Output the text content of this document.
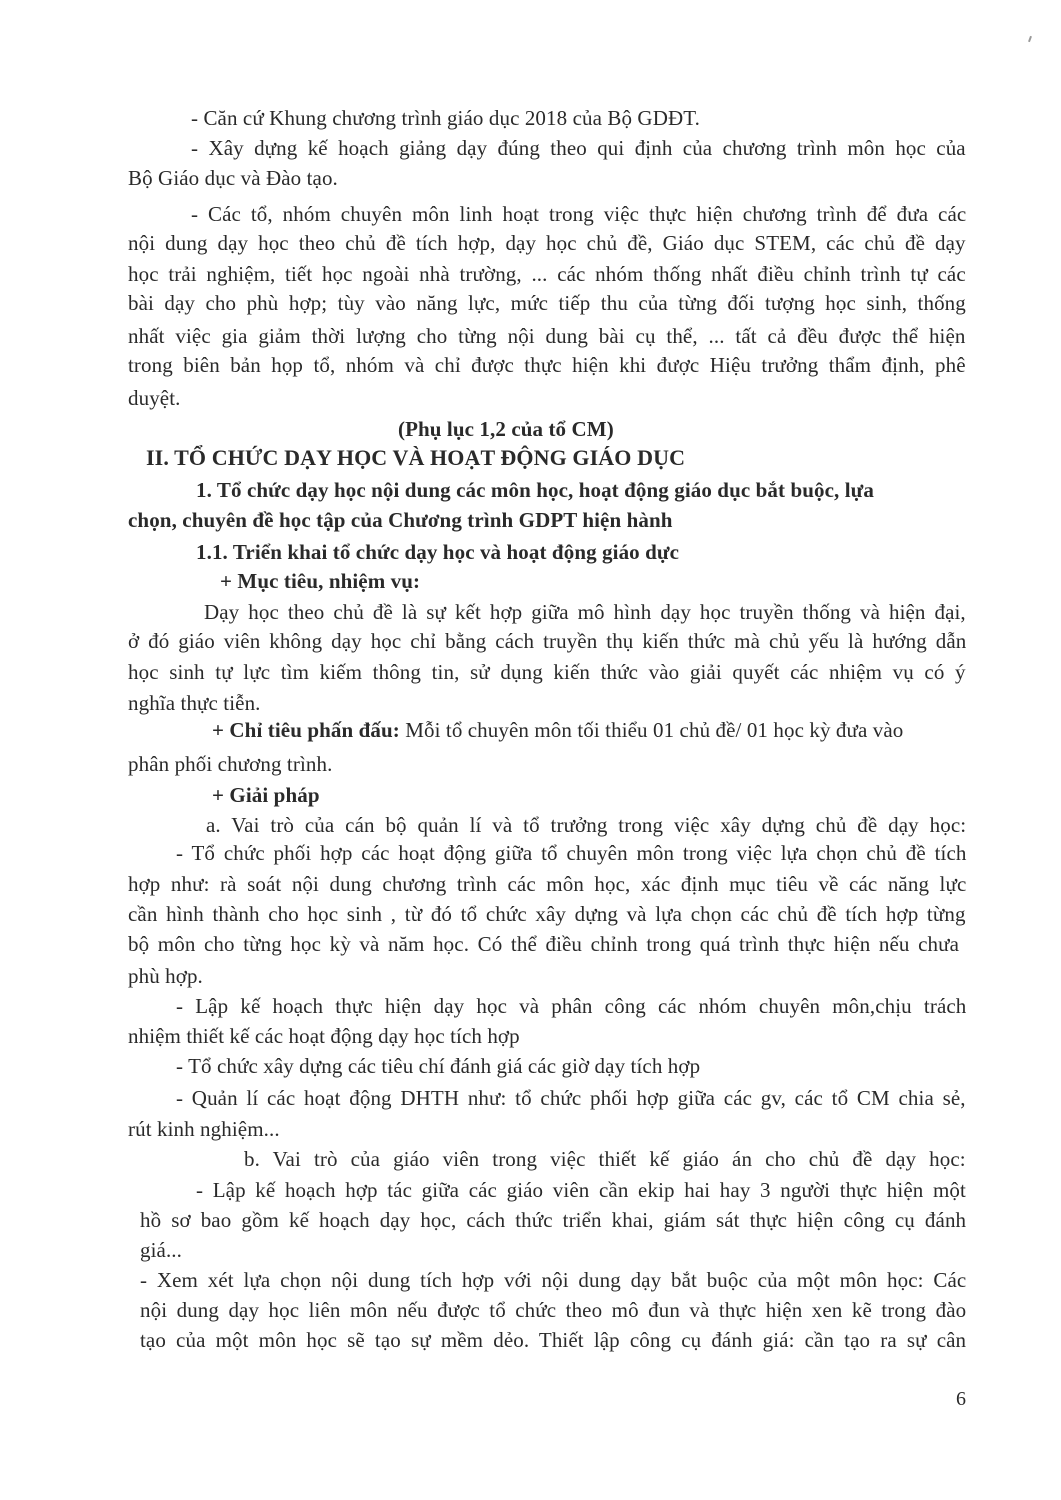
- Căn cứ Khung chương trình giáo dục 2018 của Bộ GDĐT.

- Xây dựng kế hoạch giảng dạy đúng theo qui định của chương trình môn học của

Bộ Giáo dục và Đào tạo.

- Các tổ, nhóm chuyên môn linh hoạt trong việc thực hiện chương trình để đưa các

nội dung dạy học theo chủ đề tích hợp, dạy học chủ đề, Giáo dục STEM, các chủ đề dạy

học trải nghiệm, tiết học ngoài nhà trường, ... các nhóm thống nhất điều chỉnh trình tự các

bài dạy cho phù hợp; tùy vào năng lực, mức tiếp thu của từng đối tượng học sinh, thống

nhất việc gia giảm thời lượng cho từng nội dung bài cụ thể, ... tất cả đều được thể hiện

trong biên bản họp tổ, nhóm và chỉ được thực hiện khi được Hiệu trưởng thẩm định, phê

duyệt.

(Phụ lục 1,2 của tổ CM)

II. TỔ CHỨC DẠY HỌC VÀ HOẠT ĐỘNG GIÁO DỤC

1. Tổ chức dạy học nội dung các môn học, hoạt động giáo dục bắt buộc, lựa

chọn, chuyên đề học tập của Chương trình GDPT hiện hành

1.1. Triển khai tổ chức dạy học và hoạt động giáo dực

+ Mục tiêu, nhiệm vụ:

Dạy học theo chủ đề là sự kết hợp giữa mô hình dạy học truyền thống và hiện đại,

ở đó giáo viên không dạy học chỉ bằng cách truyền thụ kiến thức mà chủ yếu là hướng dẫn

học sinh tự lực tìm kiếm thông tin, sử dụng kiến thức vào giải quyết các nhiệm vụ có ý

nghĩa thực tiễn.

+ Chỉ tiêu phấn đấu: Mỗi tổ chuyên môn tối thiểu 01 chủ đề/ 01 học kỳ đưa vào

phân phối chương trình.

+ Giải pháp

a. Vai trò của cán bộ quản lí và tổ trưởng trong việc xây dựng chủ đề dạy học:

- Tổ chức phối hợp các hoạt động giữa tổ chuyên môn trong việc lựa chọn chủ đề tích

hợp như: rà soát nội dung chương trình các môn học, xác định mục tiêu về các năng lực

cần hình thành cho học sinh , từ đó tổ chức xây dựng và lựa chọn các chủ đề tích hợp từng

bộ môn cho từng học kỳ và năm học. Có thể điều chỉnh trong quá trình thực hiện nếu chưa

phù hợp.

- Lập kế hoạch thực hiện dạy học và phân công các nhóm chuyên môn,chịu trách

nhiệm thiết kế các hoạt động dạy học tích hợp

- Tổ chức xây dựng các tiêu chí đánh giá các giờ dạy tích hợp

- Quản lí các hoạt động DHTH như: tổ chức phối hợp giữa các gv, các tổ CM chia sẻ,

rút kinh nghiệm...

b. Vai trò của giáo viên trong việc thiết kế giáo án cho chủ đề dạy học:

- Lập kế hoạch hợp tác giữa các giáo viên cần ekip hai hay 3 người thực hiện một

hồ sơ bao gồm kế hoạch dạy học, cách thức triển khai, giám sát thực hiện công cụ đánh

giá...

- Xem xét lựa chọn nội dung tích hợp với nội dung dạy bắt buộc của một môn học: Các

nội dung dạy học liên môn nếu được tổ chức theo mô đun và thực hiện xen kẽ trong đào

tạo của một môn học sẽ tạo sự mềm dẻo. Thiết lập công cụ đánh giá: cần tạo ra sự cân

6
